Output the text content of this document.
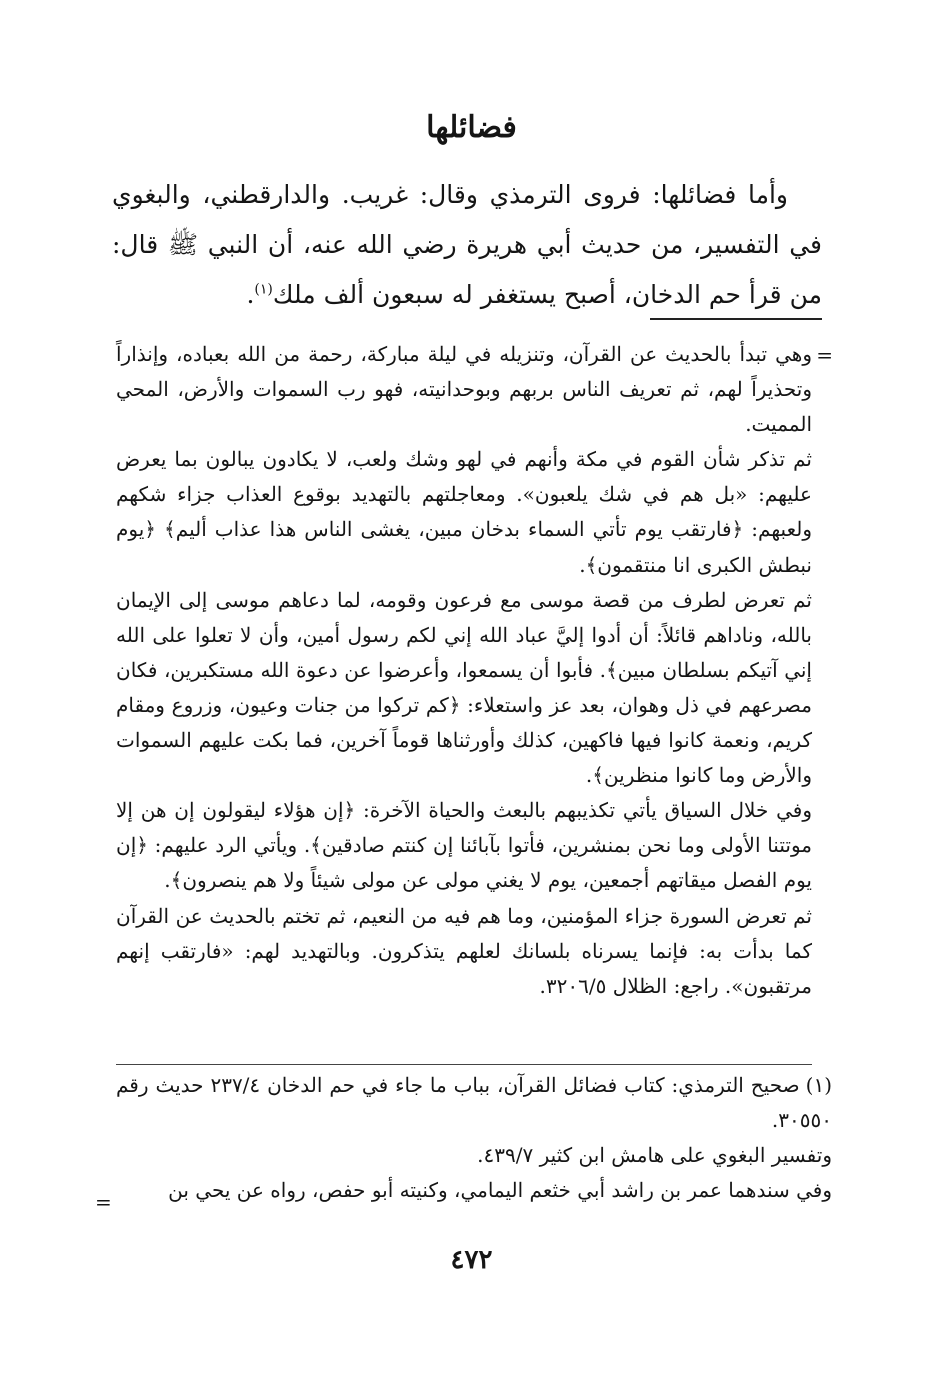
فضائلها

وأما فضائلها: فروى الترمذي وقال: غريب. والدارقطني، والبغوي في التفسير، من حديث أبي هريرة رضي الله عنه، أن النبي ﷺ قال: من قرأ حم الدخان، أصبح يستغفر له سبعون ألف ملك$^{(١)}$.

=

وهي تبدأ بالحديث عن القرآن، وتنزيله في ليلة مباركة، رحمة من الله بعباده، وإنذاراً وتحذيراً لهم، ثم تعريف الناس بربهم وبوحدانيته، فهو رب السموات والأرض، المحي المميت.

ثم تذكر شأن القوم في مكة وأنهم في لهو وشك ولعب، لا يكادون يبالون بما يعرض عليهم: «بل هم في شك يلعبون». ومعاجلتهم بالتهديد بوقوع العذاب جزاء شكهم ولعبهم: ﴿فارتقب يوم تأتي السماء بدخان مبين، يغشى الناس هذا عذاب أليم﴾ ﴿يوم نبطش الكبرى انا منتقمون﴾.

ثم تعرض لطرف من قصة موسى مع فرعون وقومه، لما دعاهم موسى إلى الإيمان بالله، وناداهم قائلاً: أن أدوا إليَّ عباد الله إني لكم رسول أمين، وأن لا تعلوا على الله إني آتيكم بسلطان مبين﴾. فأبوا أن يسمعوا، وأعرضوا عن دعوة الله مستكبرين، فكان مصرعهم في ذل وهوان، بعد عز واستعلاء: ﴿كم تركوا من جنات وعيون، وزروع ومقام كريم، ونعمة كانوا فيها فاكهين، كذلك وأورثناها قوماً آخرين، فما بكت عليهم السموات والأرض وما كانوا منظرين﴾.

وفي خلال السياق يأتي تكذيبهم بالبعث والحياة الآخرة: ﴿إن هؤلاء ليقولون إن هن إلا موتتنا الأولى وما نحن بمنشرين، فأتوا بآبائنا إن كنتم صادقين﴾. ويأتي الرد عليهم: ﴿إن يوم الفصل ميقاتهم أجمعين، يوم لا يغني مولى عن مولى شيئاً ولا هم ينصرون﴾.

ثم تعرض السورة جزاء المؤمنين، وما هم فيه من النعيم، ثم تختم بالحديث عن القرآن كما بدأت به: فإنما يسرناه بلسانك لعلهم يتذكرون. وبالتهديد لهم: «فارتقب إنهم مرتقبون». راجع: الظلال ٣٢٠٦/٥.

(١)صحيح الترمذي: كتاب فضائل القرآن، بباب ما جاء في حم الدخان ٢٣٧/٤ حديث رقم ٣٠٥٥٠.

وتفسير البغوي على هامش ابن كثير ٤٣٩/٧.

وفي سندهما عمر بن راشد أبي خثعم اليمامي، وكنيته أبو حفص، رواه عن يحي بن

=
٤٧٢
